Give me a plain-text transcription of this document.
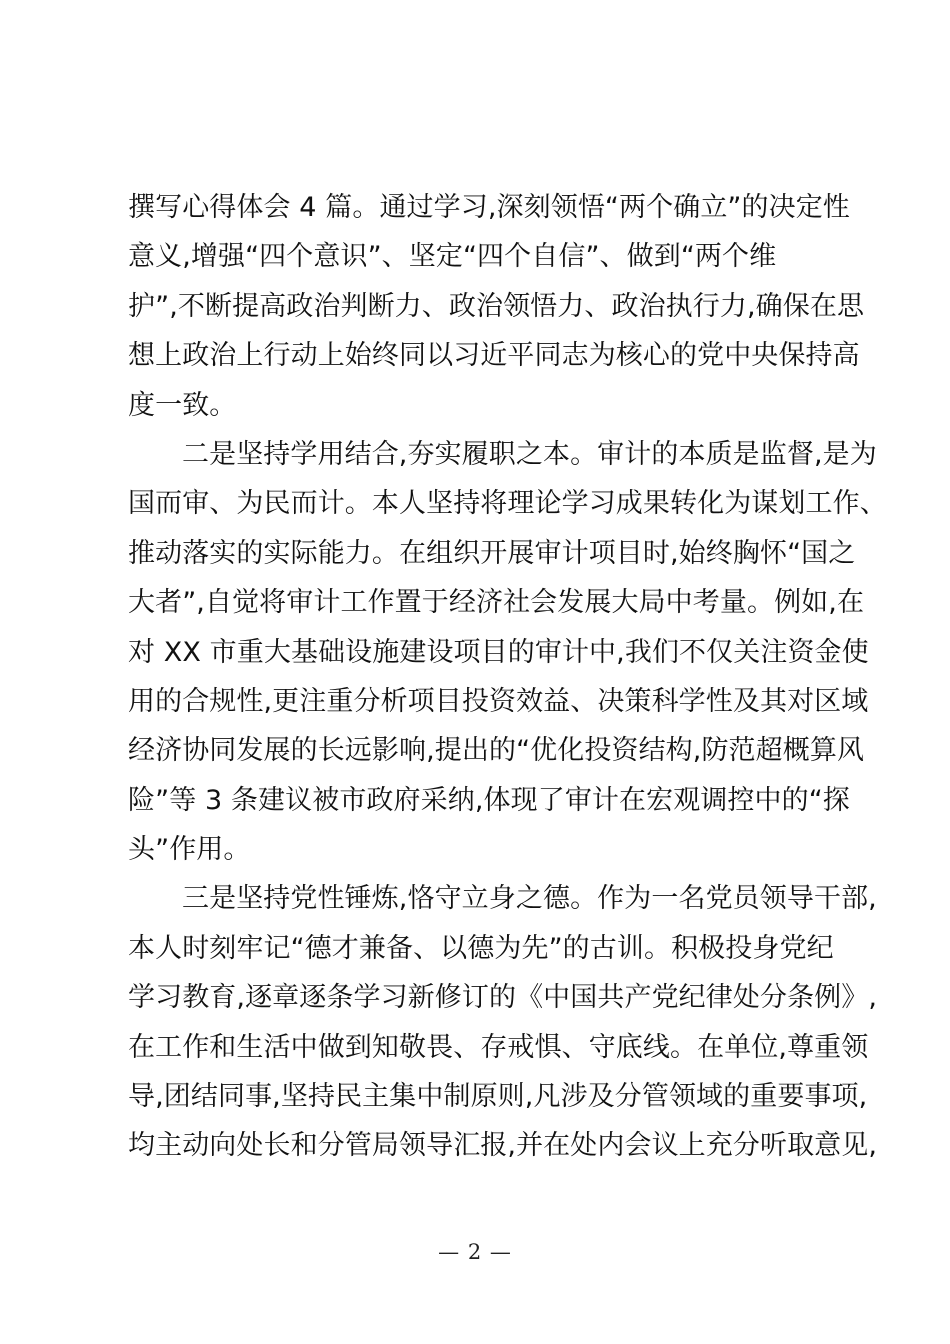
撰写心得体会 4 篇。通过学习,深刻领悟“两个确立”的决定性
意义,增强“四个意识”、坚定“四个自信”、做到“两个维
护”,不断提高政治判断力、政治领悟力、政治执行力,确保在思
想上政治上行动上始终同以习近平同志为核心的党中央保持高
度一致。
二是坚持学用结合,夯实履职之本。审计的本质是监督,是为
国而审、为民而计。本人坚持将理论学习成果转化为谋划工作、
推动落实的实际能力。在组织开展审计项目时,始终胸怀“国之
大者”,自觉将审计工作置于经济社会发展大局中考量。例如,在
对 XX 市重大基础设施建设项目的审计中,我们不仅关注资金使
用的合规性,更注重分析项目投资效益、决策科学性及其对区域
经济协同发展的长远影响,提出的“优化投资结构,防范超概算风
险”等 3 条建议被市政府采纳,体现了审计在宏观调控中的“探
头”作用。
三是坚持党性锤炼,恪守立身之德。作为一名党员领导干部,
本人时刻牢记“德才兼备、以德为先”的古训。积极投身党纪
学习教育,逐章逐条学习新修订的《中国共产党纪律处分条例》,
在工作和生活中做到知敬畏、存戒惧、守底线。在单位,尊重领
导,团结同事,坚持民主集中制原则,凡涉及分管领域的重要事项,
均主动向处长和分管局领导汇报,并在处内会议上充分听取意见,
— 2 —
